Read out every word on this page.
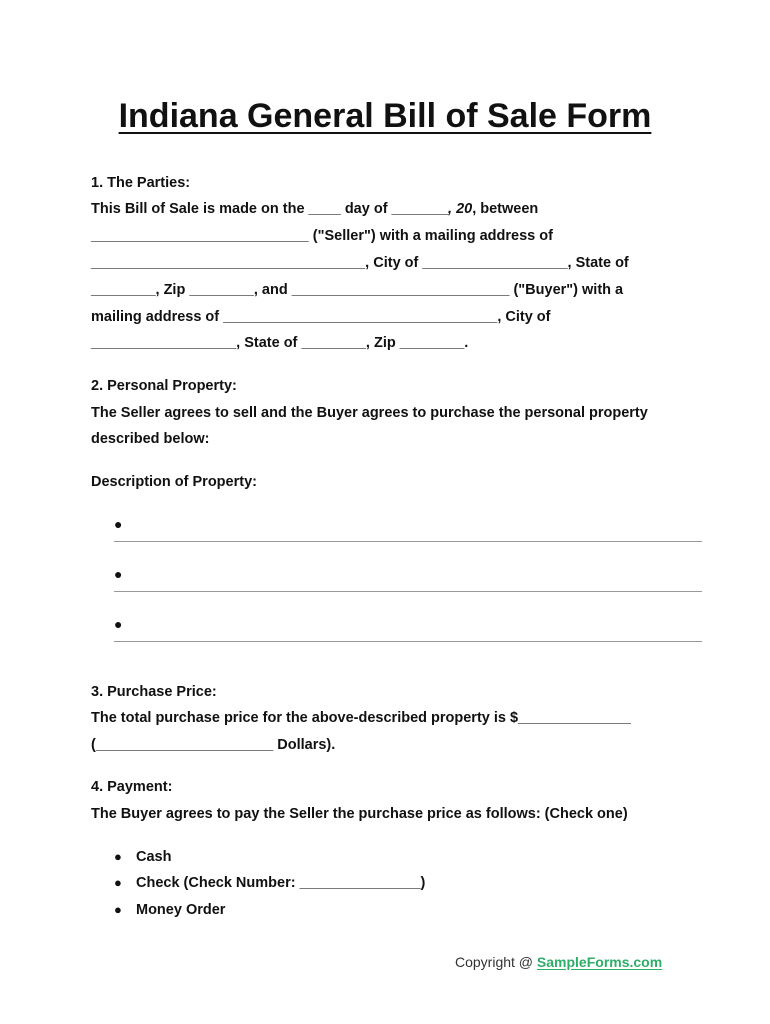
Indiana General Bill of Sale Form
1. The Parties:
This Bill of Sale is made on the ____ day of _______, 20, between
___________________________ ("Seller") with a mailing address of
__________________________________, City of __________________, State of
________, Zip ________, and ___________________________ ("Buyer") with a
mailing address of __________________________________, City of
__________________, State of ________, Zip ________.
2. Personal Property:
The Seller agrees to sell and the Buyer agrees to purchase the personal property
described below:
Description of Property:
●
●
●
3. Purchase Price:
The total purchase price for the above-described property is $______________
(______________________ Dollars).
4. Payment:
The Buyer agrees to pay the Seller the purchase price as follows: (Check one)
● Cash
● Check (Check Number: _______________)
● Money Order
Copyright @ SampleForms.com
